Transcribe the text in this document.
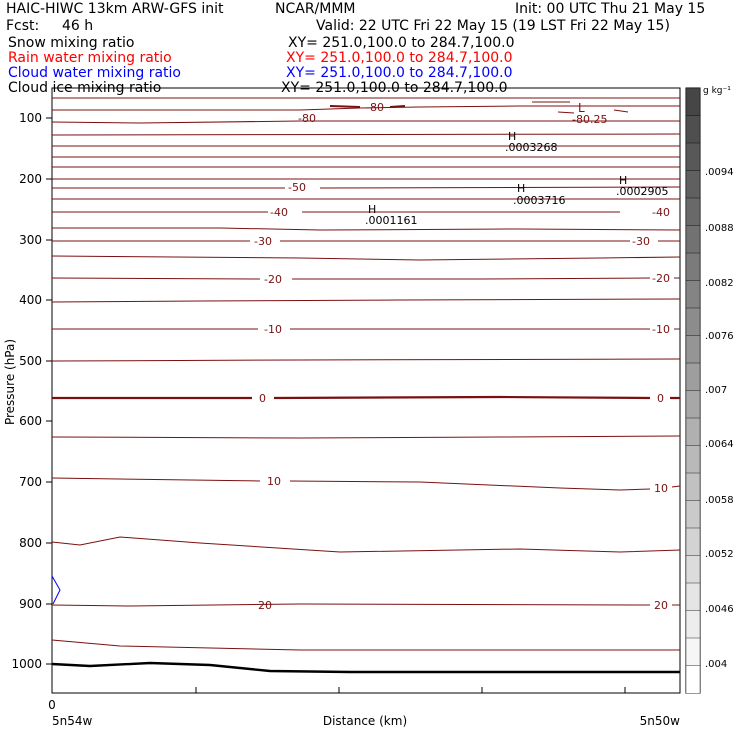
HAIC-HIWC 13km ARW-GFS init	NCAR/MMM	Init: 00 UTC Thu 21 May 15
Fcst: 46 h	Valid: 22 UTC Fri 22 May 15 (19 LST Fri 22 May 15)
Snow mixing ratio	XY= 251.0,100.0 to 284.7,100.0
Rain water mixing ratio	XY= 251.0,100.0 to 284.7,100.0
Cloud water mixing ratio	XY= 251.0,100.0 to 284.7,100.0
Cloud ice mixing ratio	XY= 251.0,100.0 to 284.7,100.0
100
200
300
400
500
600
700
800
900
1000
Pressure (hPa)
0
5n54w	Distance (km)	5n50w
-80
-80
-80.25
-50
-40	-40
-30	-30
-20	-20
-10	-10
0	0
10
10
20	20
H
.0003268
H
.0002905
H
.0003716
H
.0001161
L
g kg⁻¹
.0094
.0088
.0082
.0076
.007
.0064
.0058
.0052
.0046
.004
